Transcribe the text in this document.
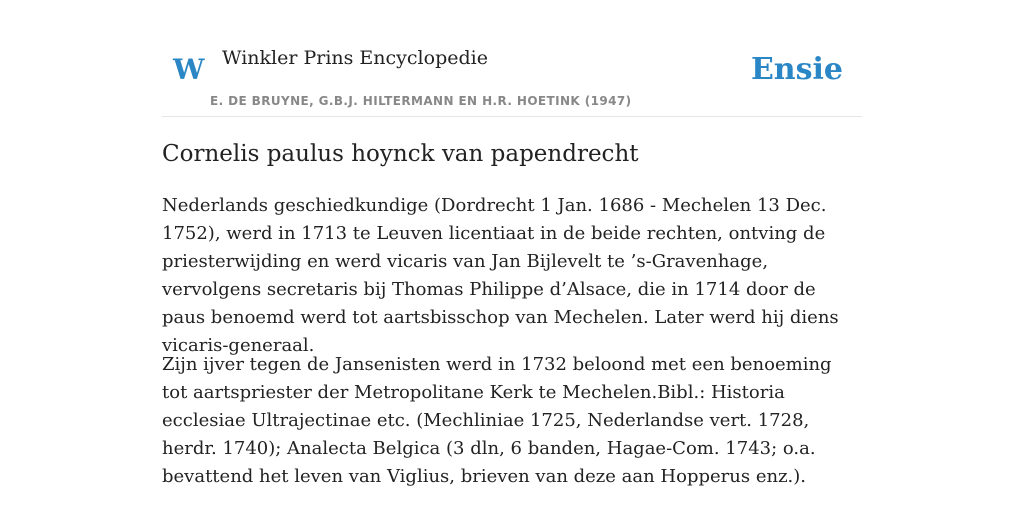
W Winkler Prins Encyclopedie
E. DE BRUYNE, G.B.J. HILTERMANN EN H.R. HOETINK (1947)
Ensie
Cornelis paulus hoynck van papendrecht

Nederlands geschiedkundige (Dordrecht 1 Jan. 1686 - Mechelen 13 Dec. 1752), werd in 1713 te Leuven licentiaat in de beide rechten, ontving de priesterwijding en werd vicaris van Jan Bijlevelt te ’s-Gravenhage, vervolgens secretaris bij Thomas Philippe d’Alsace, die in 1714 door de paus benoemd werd tot aartsbisschop van Mechelen. Later werd hij diens vicaris-generaal.

Zijn ijver tegen de Jansenisten werd in 1732 beloond met een benoeming tot aartspriester der Metropolitane Kerk te Mechelen.Bibl.: Historia ecclesiae Ultrajectinae etc. (Mechliniae 1725, Nederlandse vert. 1728, herdr. 1740); Analecta Belgica (3 dln, 6 banden, Hagae-Com. 1743; o.a. bevattend het leven van Viglius, brieven van deze aan Hopperus enz.).
